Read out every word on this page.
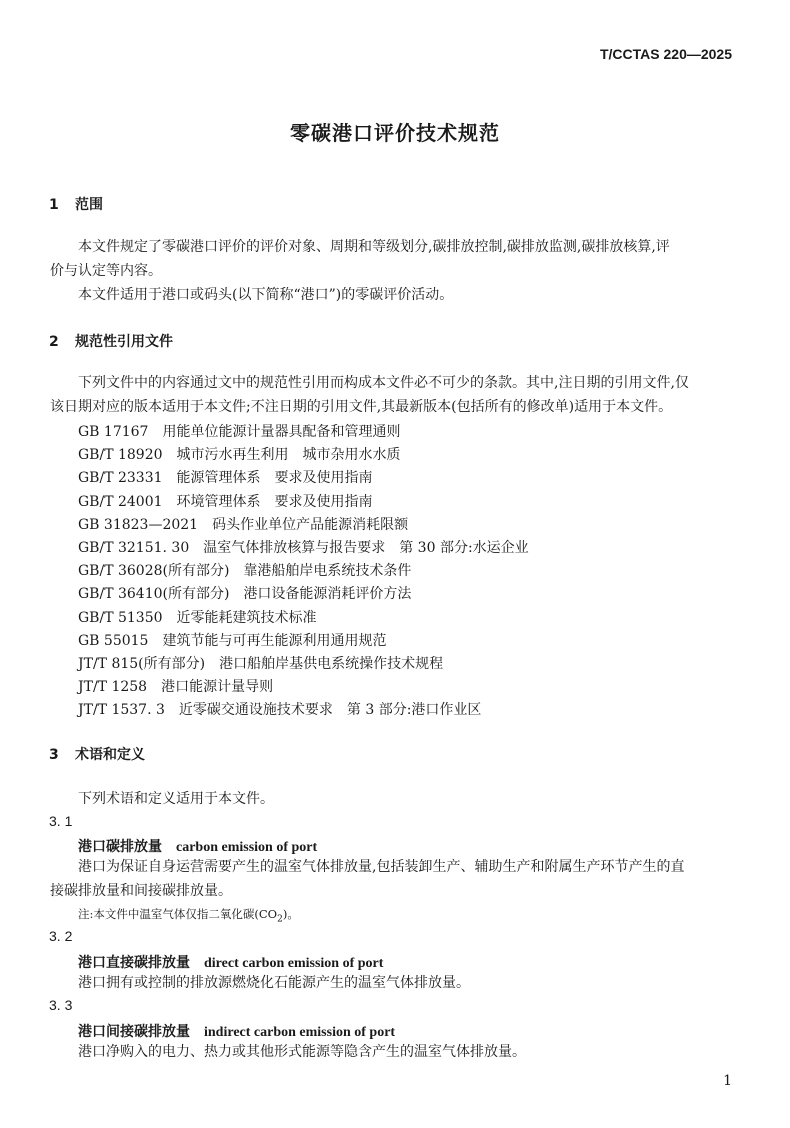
T/CCTAS 220—2025
零碳港口评价技术规范
1 范围
本文件规定了零碳港口评价的评价对象、周期和等级划分,碳排放控制,碳排放监测,碳排放核算,评
价与认定等内容。
本文件适用于港口或码头(以下简称“港口”)的零碳评价活动。
2 规范性引用文件
下列文件中的内容通过文中的规范性引用而构成本文件必不可少的条款。其中,注日期的引用文件,仅
该日期对应的版本适用于本文件;不注日期的引用文件,其最新版本(包括所有的修改单)适用于本文件。
GB 17167 用能单位能源计量器具配备和管理通则
GB/T 18920 城市污水再生利用　城市杂用水水质
GB/T 23331 能源管理体系　要求及使用指南
GB/T 24001 环境管理体系　要求及使用指南
GB 31823—2021 码头作业单位产品能源消耗限额
GB/T 32151. 30 温室气体排放核算与报告要求　第 30 部分:水运企业
GB/T 36028(所有部分) 靠港船舶岸电系统技术条件
GB/T 36410(所有部分) 港口设备能源消耗评价方法
GB/T 51350 近零能耗建筑技术标准
GB 55015 建筑节能与可再生能源利用通用规范
JT/T 815(所有部分) 港口船舶岸基供电系统操作技术规程
JT/T 1258 港口能源计量导则
JT/T 1537. 3 近零碳交通设施技术要求　第 3 部分:港口作业区
3 术语和定义
下列术语和定义适用于本文件。
3. 1
港口碳排放量 carbon emission of port
港口为保证自身运营需要产生的温室气体排放量,包括装卸生产、辅助生产和附属生产环节产生的直
接碳排放量和间接碳排放量。
注:本文件中温室气体仅指二氧化碳$(CO_2)$。
3. 2
港口直接碳排放量 direct carbon emission of port
港口拥有或控制的排放源燃烧化石能源产生的温室气体排放量。
3. 3
港口间接碳排放量 indirect carbon emission of port
港口净购入的电力、热力或其他形式能源等隐含产生的温室气体排放量。
1
